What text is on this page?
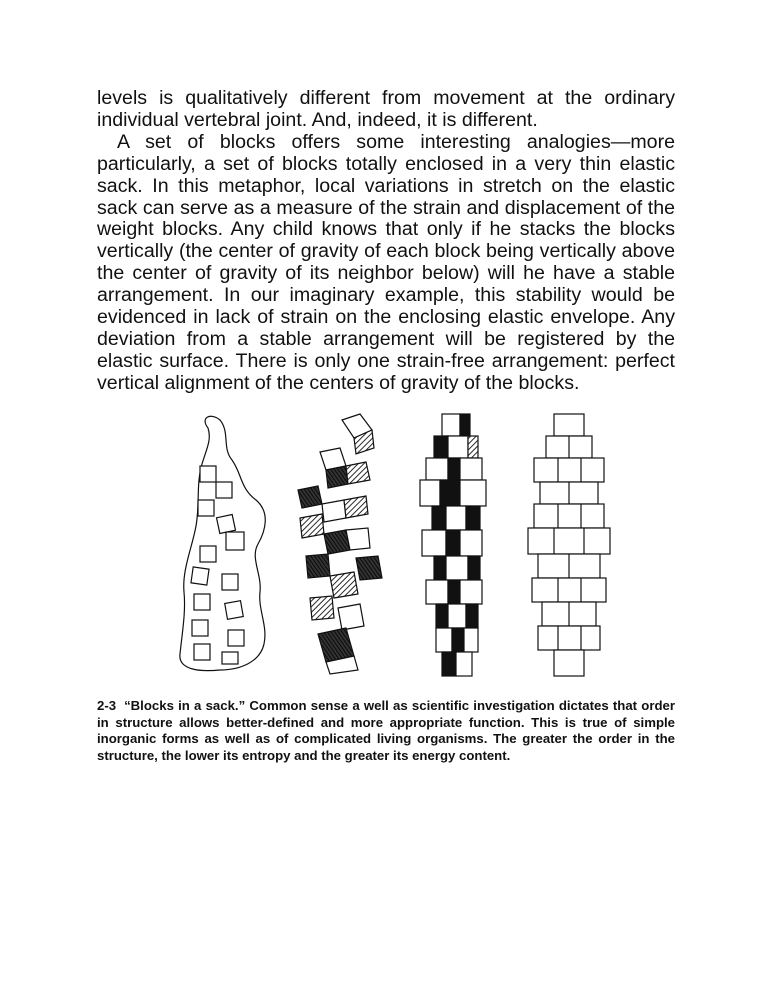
levels is qualitatively different from movement at the ordinary individual vertebral joint. And, indeed, it is different.

A set of blocks offers some interesting analogies—more particularly, a set of blocks totally enclosed in a very thin elastic sack. In this metaphor, local variations in stretch on the elastic sack can serve as a measure of the strain and displacement of the weight blocks. Any child knows that only if he stacks the blocks vertically (the center of gravity of each block being vertically above the center of gravity of its neighbor below) will he have a stable arrangement. In our imaginary example, this stability would be evidenced in lack of strain on the enclosing elastic envelope. Any deviation from a stable arrangement will be registered by the elastic surface. There is only one strain-free arrangement: perfect vertical alignment of the centers of gravity of the blocks.

2-3 “Blocks in a sack.” Common sense a well as scientific investigation dictates that order in structure allows better-defined and more appropriate function. This is true of simple inorganic forms as well as of complicated living organisms. The greater the order in the structure, the lower its entropy and the greater its energy content.
